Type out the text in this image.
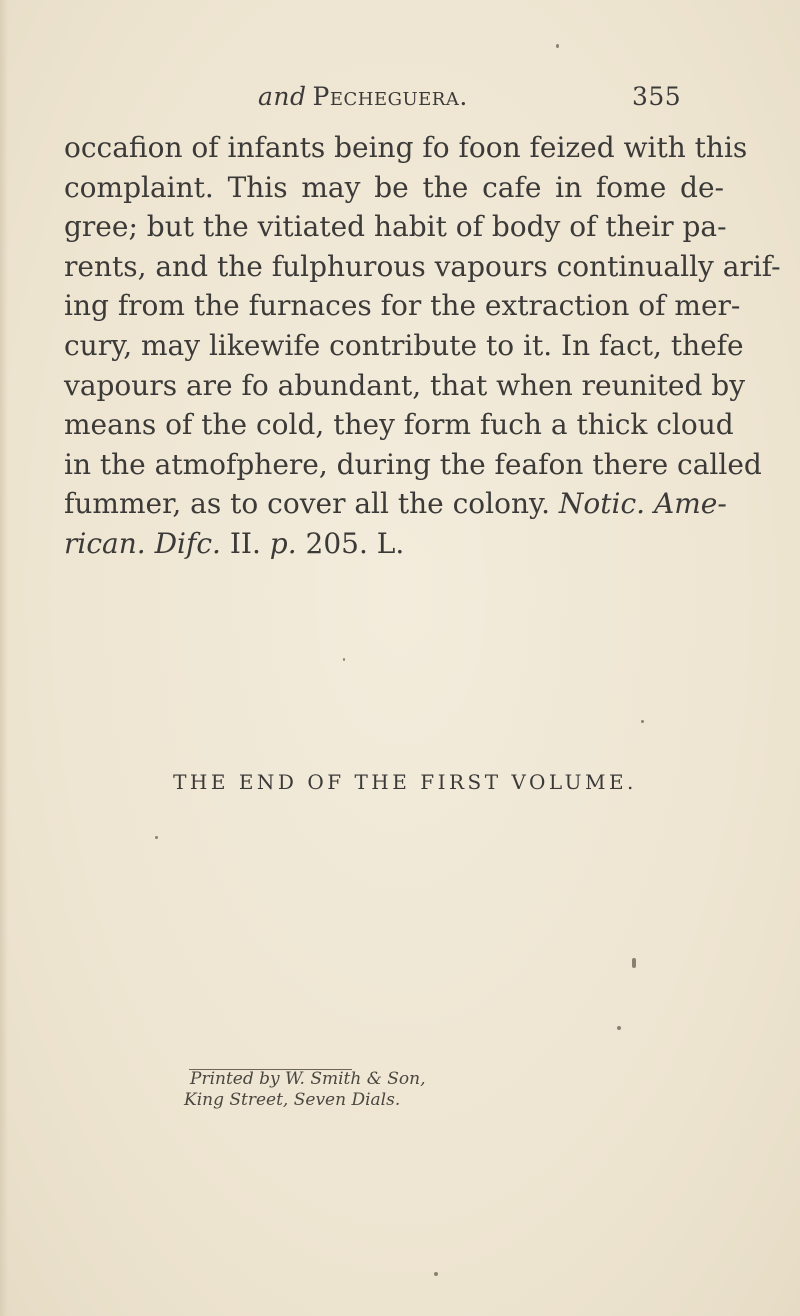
and Pecheguera.	355
occafion of infants being fo foon feized with this
complaint. This may be the cafe in fome de-
gree; but the vitiated habit of body of their pa-
rents, and the fulphurous vapours continually arif-
ing from the furnaces for the extraction of mer-
cury, may likewife contribute to it. In fact, thefe
vapours are fo abundant, that when reunited by
means of the cold, they form fuch a thick cloud
in the atmofphere, during the feafon there called
fummer, as to cover all the colony. Notic. Ame-
rican. Difc. II. p. 205. L.
THE END OF THE FIRST VOLUME.
Printed by W. Smith & Son,
King Street, Seven Dials.
